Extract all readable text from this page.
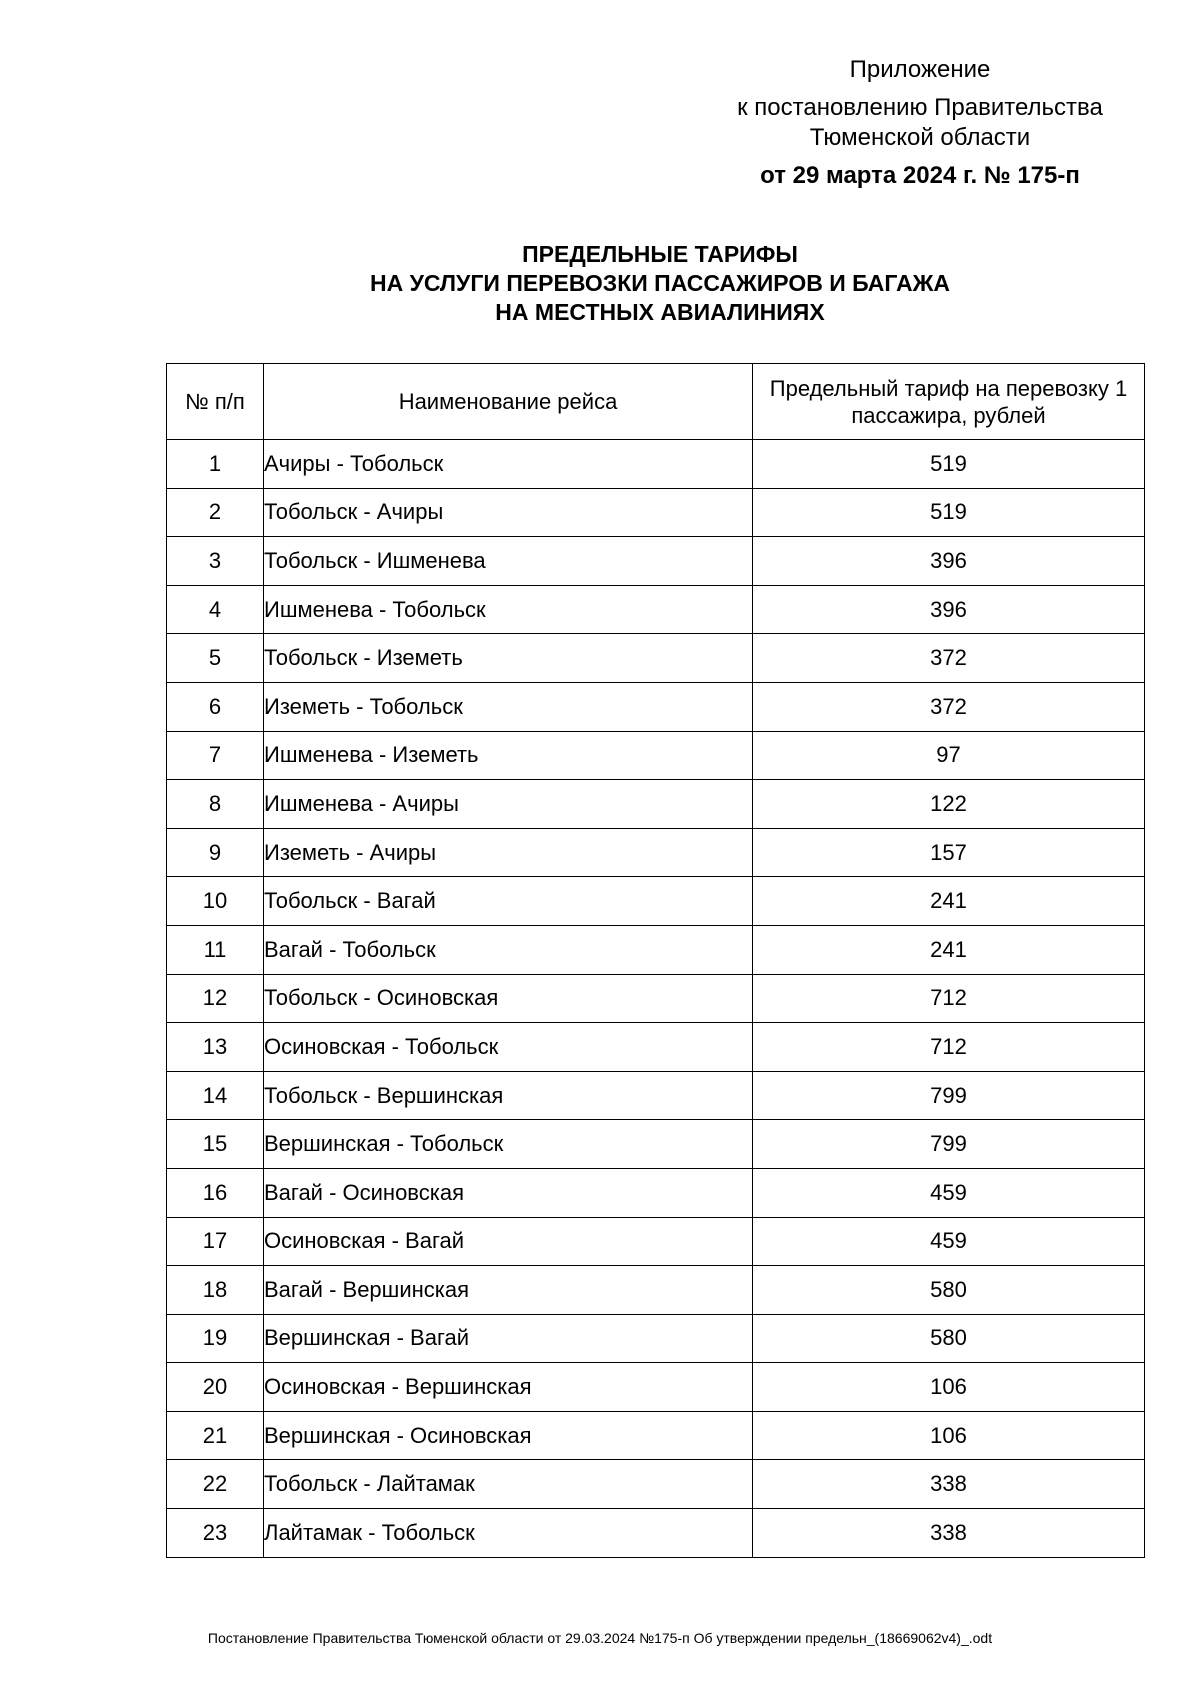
Приложение
к постановлению Правительства Тюменской области
от 29 марта 2024 г. № 175-п
ПРЕДЕЛЬНЫЕ ТАРИФЫ
НА УСЛУГИ ПЕРЕВОЗКИ ПАССАЖИРОВ И БАГАЖА
НА МЕСТНЫХ АВИАЛИНИЯХ
№ п/п	Наименование рейса	Предельный тариф на перевозку 1 пассажира, рублей
1	Ачиры - Тобольск	519
2	Тобольск - Ачиры	519
3	Тобольск - Ишменева	396
4	Ишменева - Тобольск	396
5	Тобольск - Иземеть	372
6	Иземеть - Тобольск	372
7	Ишменева - Иземеть	97
8	Ишменева - Ачиры	122
9	Иземеть - Ачиры	157
10	Тобольск - Вагай	241
11	Вагай - Тобольск	241
12	Тобольск - Осиновская	712
13	Осиновская - Тобольск	712
14	Тобольск - Вершинская	799
15	Вершинская - Тобольск	799
16	Вагай - Осиновская	459
17	Осиновская - Вагай	459
18	Вагай - Вершинская	580
19	Вершинская - Вагай	580
20	Осиновская - Вершинская	106
21	Вершинская - Осиновская	106
22	Тобольск - Лайтамак	338
23	Лайтамак - Тобольск	338
Постановление Правительства Тюменской области от 29.03.2024 №175-п Об утверждении предельн_(18669062v4)_.odt
